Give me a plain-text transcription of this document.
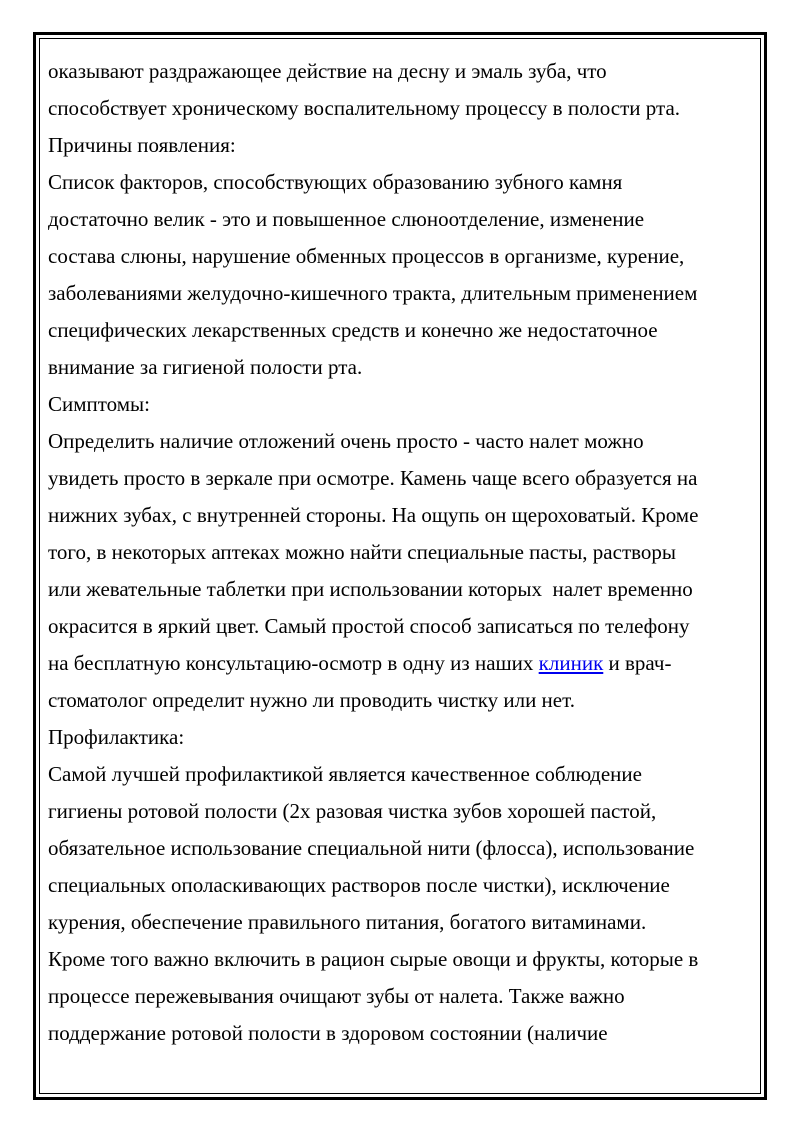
оказывают раздражающее действие на десну и эмаль зуба, что
способствует хроническому воспалительному процессу в полости рта.
Причины появления:
Список факторов, способствующих образованию зубного камня
достаточно велик - это и повышенное слюноотделение, изменение
состава слюны, нарушение обменных процессов в организме, курение,
заболеваниями желудочно-кишечного тракта, длительным применением
специфических лекарственных средств и конечно же недостаточное
внимание за гигиеной полости рта.
Симптомы:
Определить наличие отложений очень просто - часто налет можно
увидеть просто в зеркале при осмотре. Камень чаще всего образуется на
нижних зубах, с внутренней стороны. На ощупь он щероховатый. Кроме
того, в некоторых аптеках можно найти специальные пасты, растворы
или жевательные таблетки при использовании которых  налет временно
окрасится в яркий цвет. Самый простой способ записаться по телефону
на бесплатную консультацию-осмотр в одну из наших клиник и врач-
стоматолог определит нужно ли проводить чистку или нет.
Профилактика:
Самой лучшей профилактикой является качественное соблюдение
гигиены ротовой полости (2х разовая чистка зубов хорошей пастой,
обязательное использование специальной нити (флосса), использование
специальных ополаскивающих растворов после чистки), исключение
курения, обеспечение правильного питания, богатого витаминами.
Кроме того важно включить в рацион сырые овощи и фрукты, которые в
процессе пережевывания очищают зубы от налета. Также важно
поддержание ротовой полости в здоровом состоянии (наличие
